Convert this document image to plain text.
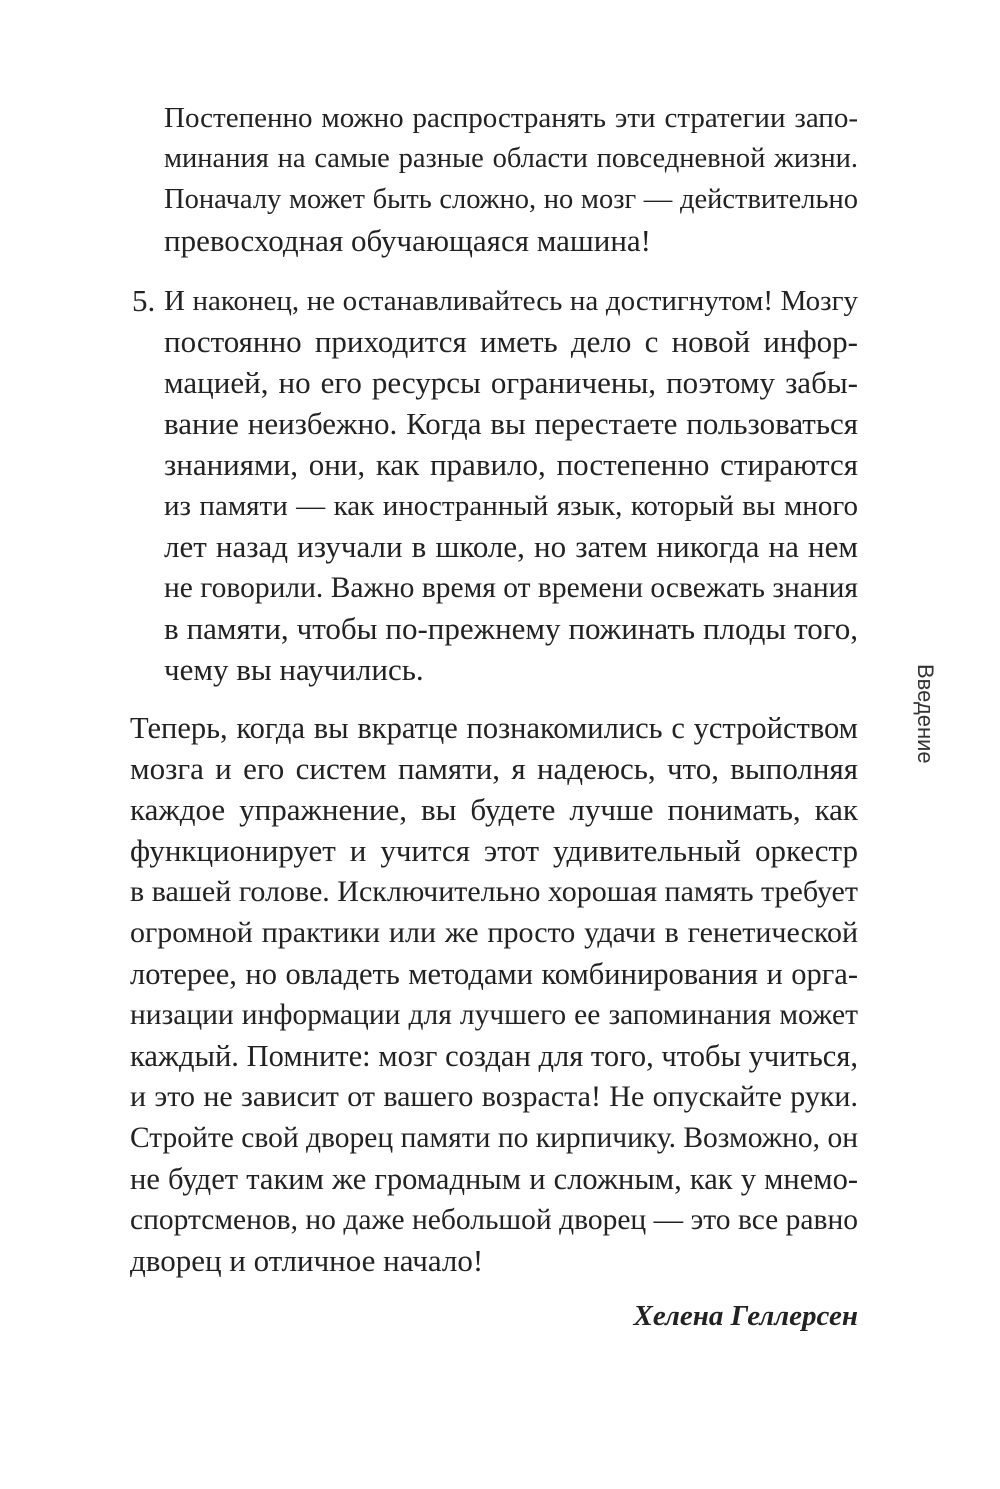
Постепенно можно распространять эти стратегии запо-
минания на самые разные области повседневной жизни.
Поначалу может быть сложно, но мозг — действительно
превосходная обучающаяся машина!
5. И наконец, не останавливайтесь на достигнутом! Мозгу
постоянно приходится иметь дело с новой инфор-
мацией, но его ресурсы ограничены, поэтому забы-
вание неизбежно. Когда вы перестаете пользоваться
знаниями, они, как правило, постепенно стираются
из памяти — как иностранный язык, который вы много
лет назад изучали в школе, но затем никогда на нем
не говорили. Важно время от времени освежать знания
в памяти, чтобы по-прежнему пожинать плоды того,
чему вы научились.
Теперь, когда вы вкратце познакомились с устройством
мозга и его систем памяти, я надеюсь, что, выполняя
каждое упражнение, вы будете лучше понимать, как
функционирует и учится этот удивительный оркестр
в вашей голове. Исключительно хорошая память требует
огромной практики или же просто удачи в генетической
лотерее, но овладеть методами комбинирования и орга-
низации информации для лучшего ее запоминания может
каждый. Помните: мозг создан для того, чтобы учиться,
и это не зависит от вашего возраста! Не опускайте руки.
Стройте свой дворец памяти по кирпичику. Возможно, он
не будет таким же громадным и сложным, как у мнемо-
спортсменов, но даже небольшой дворец — это все равно
дворец и отличное начало!
Хелена Геллерсен
Введение
